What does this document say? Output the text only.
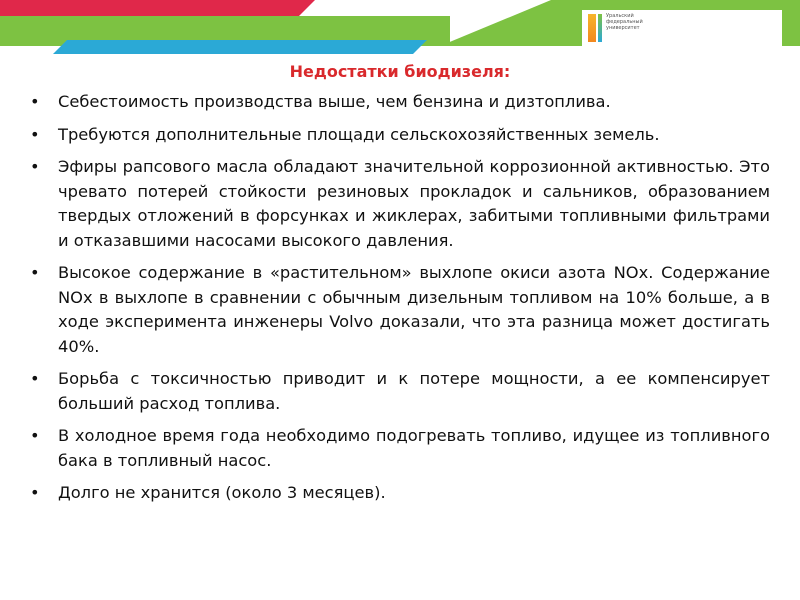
Уральский федеральный университет
Недостатки биодизеля:
• Себестоимость производства выше, чем бензина и дизтоплива.
• Требуются дополнительные площади сельскохозяйственных земель.
• Эфиры рапсового масла обладают значительной коррозионной активностью. Это чревато потерей стойкости резиновых прокладок и сальников, образованием твердых отложений в форсунках и жиклерах, забитыми топливными фильтрами и отказавшими насосами высокого давления.
• Высокое содержание в «растительном» выхлопе окиси азота NOx. Содержание NOx в выхлопе в сравнении с обычным дизельным топливом на 10% больше, а в ходе эксперимента инженеры Volvo доказали, что эта разница может достигать 40%.
• Борьба с токсичностью приводит и к потере мощности, а ее компенсирует больший расход топлива.
• В холодное время года необходимо подогревать топливо, идущее из топливного бака в топливный насос.
• Долго не хранится (около 3 месяцев).
